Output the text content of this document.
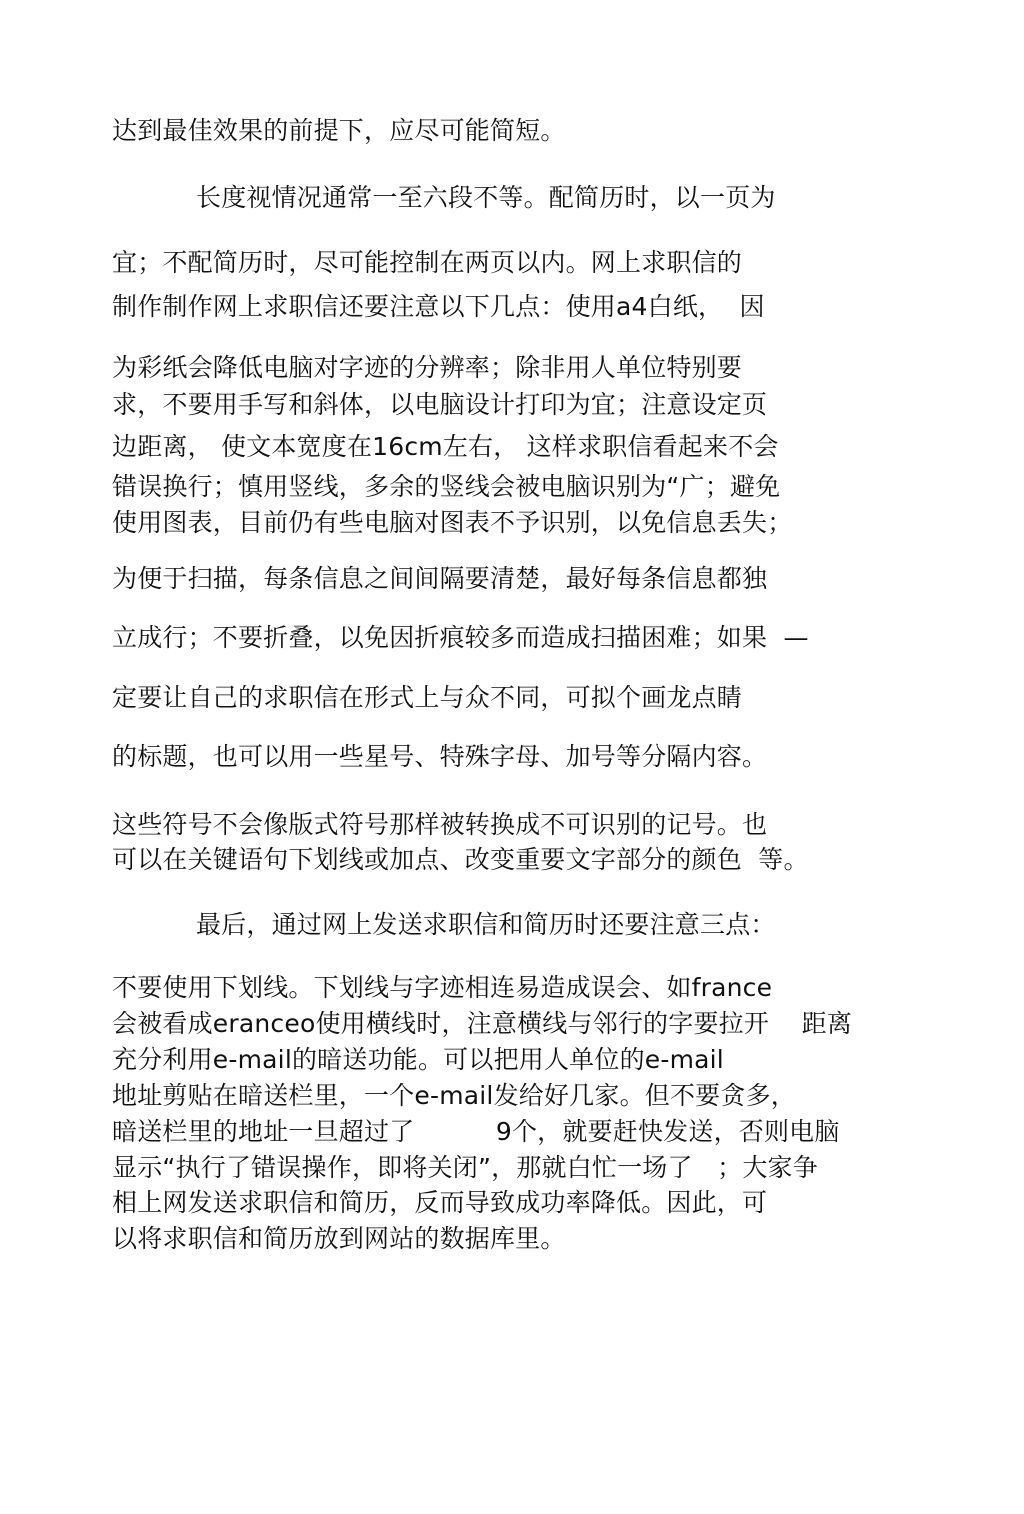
达到最佳效果的前提下，应尽可能简短。
长度视情况通常一至六段不等。配简历时，以一页为
宜；不配简历时，尽可能控制在两页以内。网上求职信的
制作制作网上求职信还要注意以下几点：使用a4白纸，  因
为彩纸会降低电脑对字迹的分辨率；除非用人单位特别要
求，不要用手写和斜体，以电脑设计打印为宜；注意设定页
边距离， 使文本宽度在16cm左右， 这样求职信看起来不会
错误换行；慎用竖线，多余的竖线会被电脑识别为“广；避免
使用图表，目前仍有些电脑对图表不予识别，以免信息丢失；
为便于扫描，每条信息之间间隔要清楚，最好每条信息都独
立成行；不要折叠，以免因折痕较多而造成扫描困难；如果  —
定要让自己的求职信在形式上与众不同，可拟个画龙点睛
的标题，也可以用一些星号、特殊字母、加号等分隔内容。
这些符号不会像版式符号那样被转换成不可识别的记号。也
可以在关键语句下划线或加点、改变重要文字部分的颜色  等。
最后，通过网上发送求职信和简历时还要注意三点：
不要使用下划线。下划线与字迹相连易造成误会、如france
会被看成eranceo使用横线时，注意横线与邻行的字要拉开    距离
充分利用e-mail的暗送功能。可以把用人单位的e-mail
地址剪贴在暗送栏里，一个e-mail发给好几家。但不要贪多，
暗送栏里的地址一旦超过了          9个，就要赶快发送，否则电脑
显示“执行了错误操作，即将关闭”，那就白忙一场了   ；大家争
相上网发送求职信和简历，反而导致成功率降低。因此，可
以将求职信和简历放到网站的数据库里。
